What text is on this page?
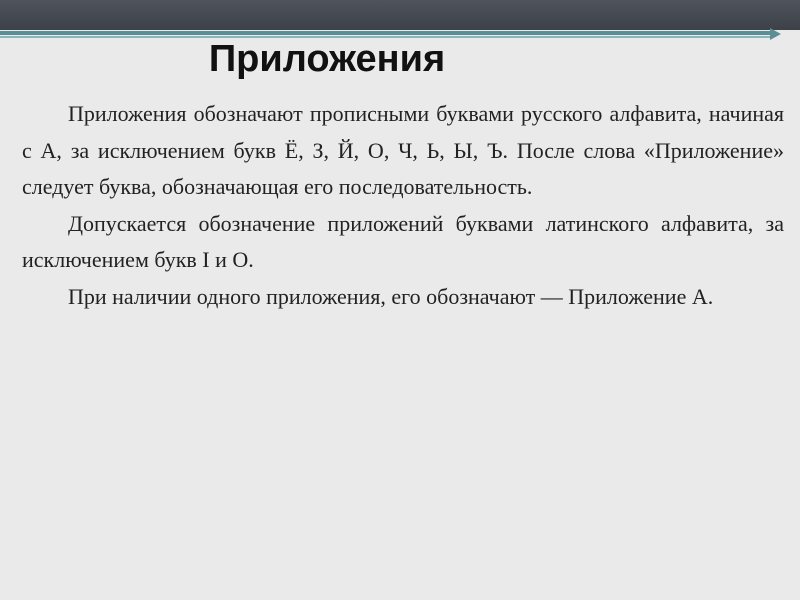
Приложения

Приложения обозначают прописными буквами русского алфавита, начиная с А, за исключением букв Ё, З, Й, О, Ч, Ь, Ы, Ъ. После слова «Приложение» следует буква, обозначающая его последовательность.

Допускается обозначение приложений буквами латинского алфавита, за исключением букв I и O.

При наличии одного приложения, его обозначают — Приложение А.
